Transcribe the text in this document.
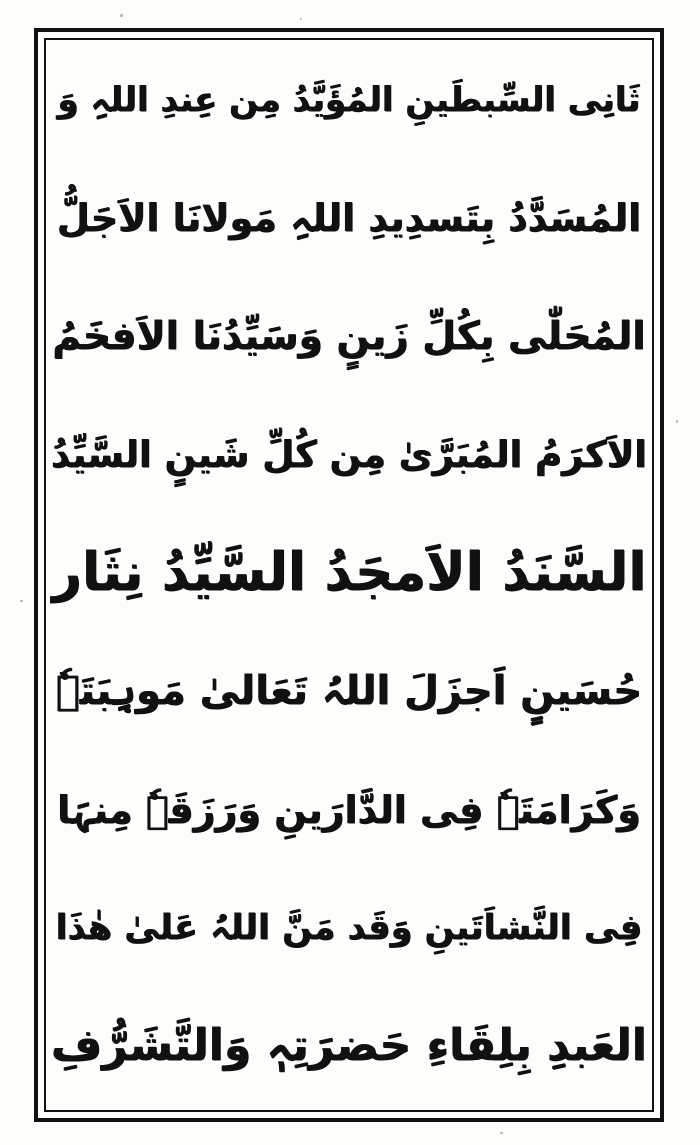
ثَانِی السِّبطَینِ المُؤَیَّدُ مِن عِندِ اللہِ وَ
المُسَدَّدُ بِتَسدِیدِ اللہِ مَولانَا الاَجَلُّ
المُحَلّٰی بِکُلِّ زَینٍ وَسَیِّدُنَا الاَفخَمُ
الاَکرَمُ المُبَرَّیٰ مِن کُلِّ شَینٍ السَّیِّدُ
السَّنَدُ الاَمجَدُ السَّیِّدُ نِثَار
حُسَینٍ اَجزَلَ اللہُ تَعَالیٰ مَوہِبَتَہٗ
وَکَرَامَتَہٗ فِی الدَّارَینِ وَرَزَقَہٗ مِنہَا
فِی النَّشاَتَینِ وَقَد مَنَّ اللہُ عَلیٰ ھٰذَا
العَبدِ بِلِقَاءِ حَضرَتِہٖ وَالتَّشَرُّفِ
